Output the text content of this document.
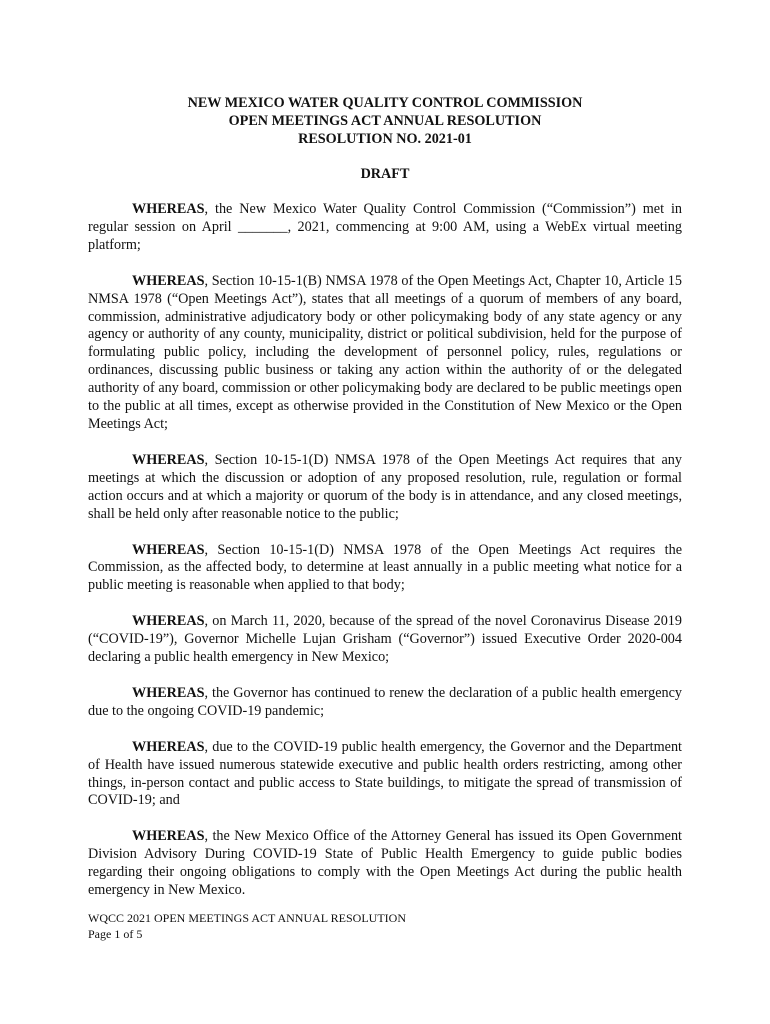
NEW MEXICO WATER QUALITY CONTROL COMMISSION
OPEN MEETINGS ACT ANNUAL RESOLUTION
RESOLUTION NO. 2021-01
DRAFT

WHEREAS, the New Mexico Water Quality Control Commission (“Commission”) met in regular session on April _______, 2021, commencing at 9:00 AM, using a WebEx virtual meeting platform;

WHEREAS, Section 10-15-1(B) NMSA 1978 of the Open Meetings Act, Chapter 10, Article 15 NMSA 1978 (“Open Meetings Act”), states that all meetings of a quorum of members of any board, commission, administrative adjudicatory body or other policymaking body of any state agency or any agency or authority of any county, municipality, district or political subdivision, held for the purpose of formulating public policy, including the development of personnel policy, rules, regulations or ordinances, discussing public business or taking any action within the authority of or the delegated authority of any board, commission or other policymaking body are declared to be public meetings open to the public at all times, except as otherwise provided in the Constitution of New Mexico or the Open Meetings Act;

WHEREAS, Section 10-15-1(D) NMSA 1978 of the Open Meetings Act requires that any meetings at which the discussion or adoption of any proposed resolution, rule, regulation or formal action occurs and at which a majority or quorum of the body is in attendance, and any closed meetings, shall be held only after reasonable notice to the public;

WHEREAS, Section 10-15-1(D) NMSA 1978 of the Open Meetings Act requires the Commission, as the affected body, to determine at least annually in a public meeting what notice for a public meeting is reasonable when applied to that body;

WHEREAS, on March 11, 2020, because of the spread of the novel Coronavirus Disease 2019 (“COVID-19”), Governor Michelle Lujan Grisham (“Governor”) issued Executive Order 2020-004 declaring a public health emergency in New Mexico;

WHEREAS, the Governor has continued to renew the declaration of a public health emergency due to the ongoing COVID-19 pandemic;

WHEREAS, due to the COVID-19 public health emergency, the Governor and the Department of Health have issued numerous statewide executive and public health orders restricting, among other things, in-person contact and public access to State buildings, to mitigate the spread of transmission of COVID-19; and

WHEREAS, the New Mexico Office of the Attorney General has issued its Open Government Division Advisory During COVID-19 State of Public Health Emergency to guide public bodies regarding their ongoing obligations to comply with the Open Meetings Act during the public health emergency in New Mexico.

WQCC 2021 OPEN MEETINGS ACT ANNUAL RESOLUTION
Page 1 of 5
